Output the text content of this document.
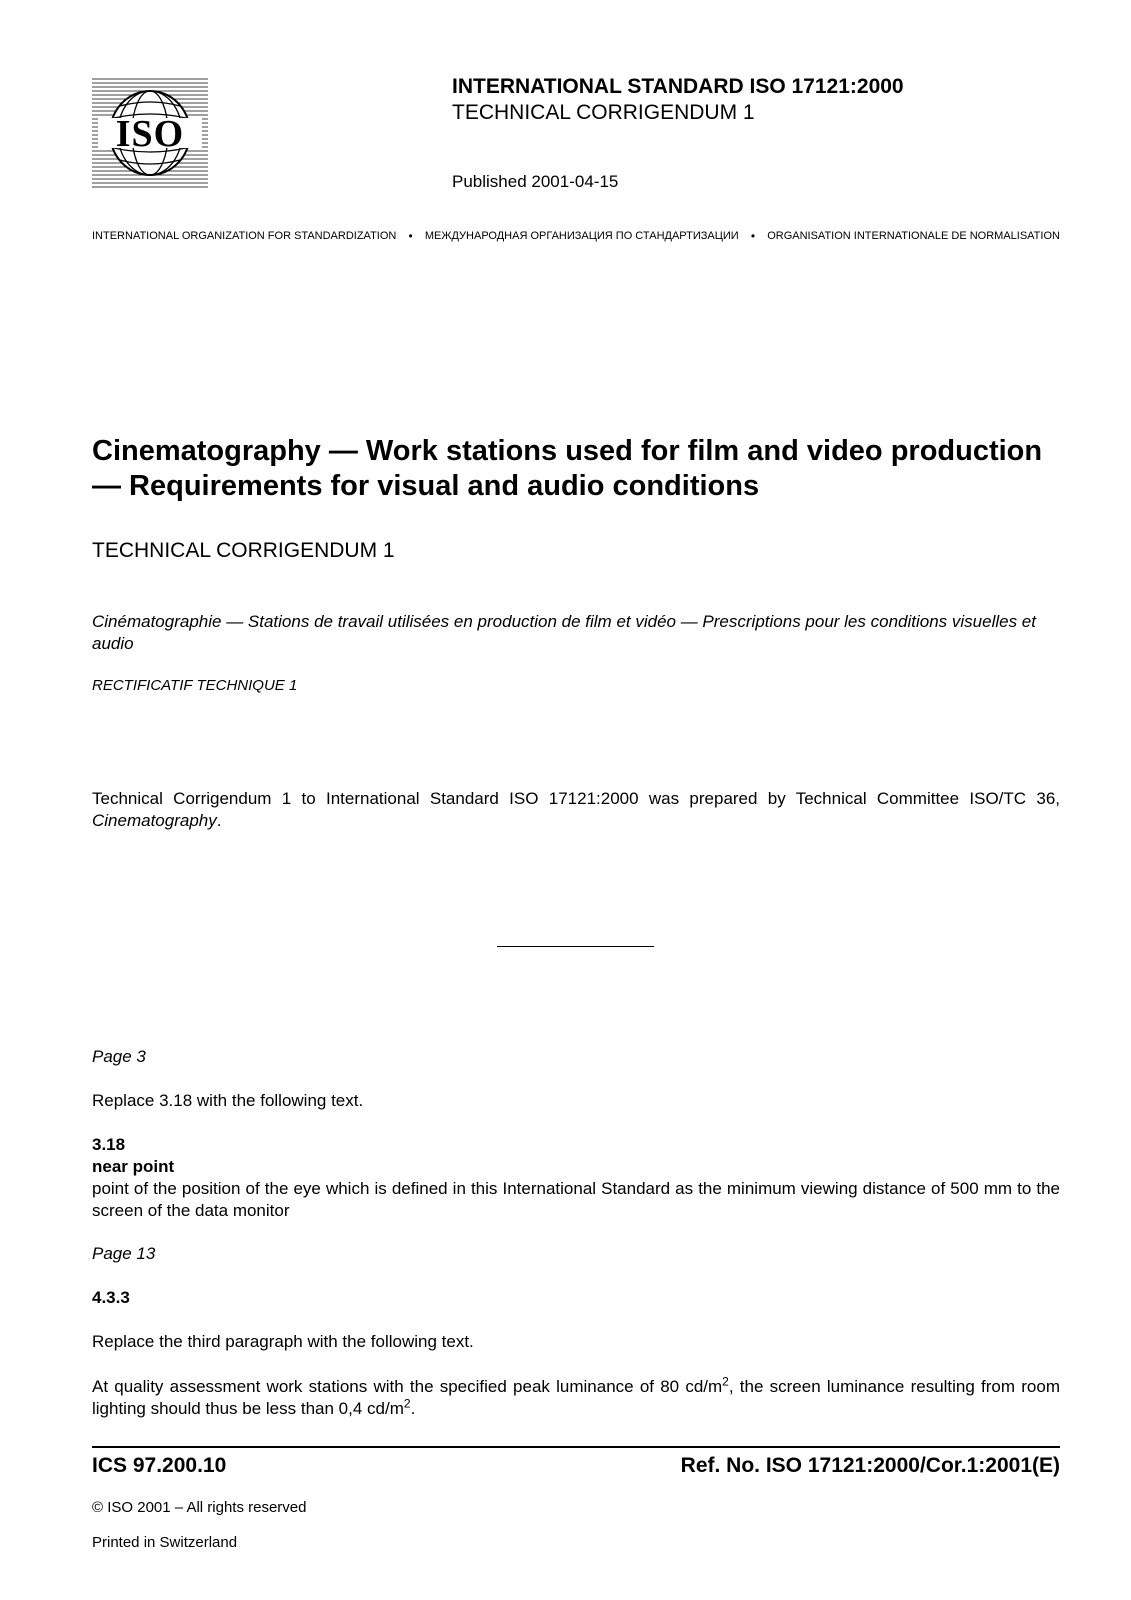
ISO
INTERNATIONAL STANDARD ISO 17121:2000
TECHNICAL CORRIGENDUM 1
Published 2001-04-15
INTERNATIONAL ORGANIZATION FOR STANDARDIZATION • МЕЖДУНАРОДНАЯ ОРГАНИЗАЦИЯ ПО СТАНДАРТИЗАЦИИ • ORGANISATION INTERNATIONALE DE NORMALISATION
Cinematography — Work stations used for film and video production — Requirements for visual and audio conditions
TECHNICAL CORRIGENDUM 1
Cinématographie — Stations de travail utilisées en production de film et vidéo — Prescriptions pour les conditions visuelles et audio
RECTIFICATIF TECHNIQUE 1
Technical Corrigendum 1 to International Standard ISO 17121:2000 was prepared by Technical Committee ISO/TC 36, Cinematography.
Page 3
Replace 3.18 with the following text.
3.18
near point
point of the position of the eye which is defined in this International Standard as the minimum viewing distance of 500 mm to the screen of the data monitor
Page 13
4.3.3
Replace the third paragraph with the following text.
At quality assessment work stations with the specified peak luminance of 80 $cd/m^2$, the screen luminance resulting from room lighting should thus be less than 0,4 $cd/m^2$.
ICS 97.200.10	Ref. No. ISO 17121:2000/Cor.1:2001(E)
© ISO 2001 – All rights reserved
Printed in Switzerland
